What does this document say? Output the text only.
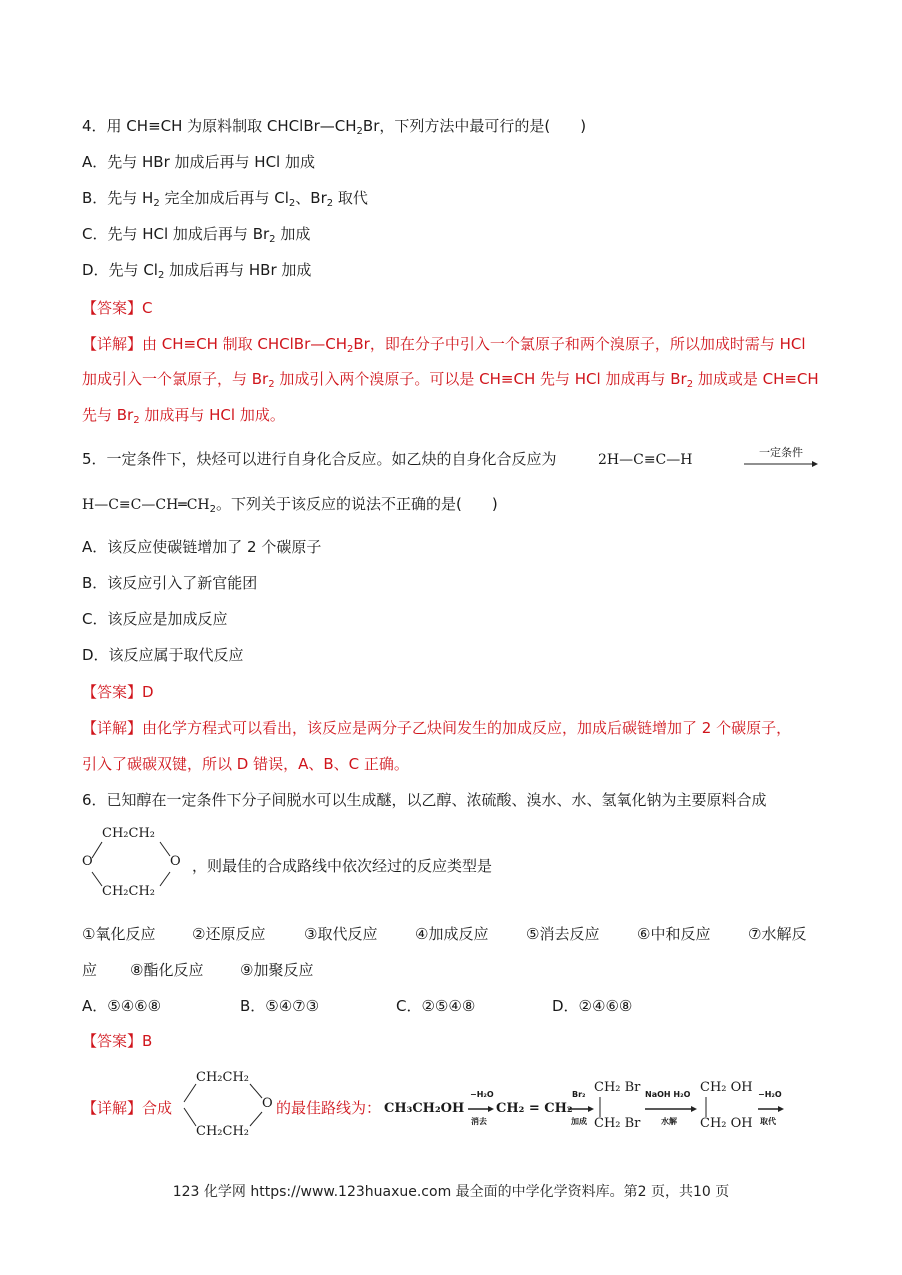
4．用 CH≡CH 为原料制取 $CHClBr—CH_2Br$，下列方法中最可行的是(　　)
A．先与 HBr 加成后再与 HCl 加成
B．先与 $H_2$ 完全加成后再与 $Cl_2$、$Br_2$ 取代
C．先与 HCl 加成后再与 $Br_2$ 加成
D．先与 $Cl_2$ 加成后再与 HBr 加成
【答案】C
【详解】由 CH≡CH 制取 $CHClBr—CH_2Br$，即在分子中引入一个氯原子和两个溴原子，所以加成时需与 HCl
加成引入一个氯原子，与 $Br_2$ 加成引入两个溴原子。可以是 CH≡CH 先与 HCl 加成再与 $Br_2$ 加成或是 CH≡CH
先与 $Br_2$ 加成再与 HCl 加成。
5．一定条件下，炔烃可以进行自身化合反应。如乙炔的自身化合反应为	2H—C≡C—H	一定条件
$H—C\equiv C—CH═CH_2$。下列关于该反应的说法不正确的是(　　)
A．该反应使碳链增加了 2 个碳原子
B．该反应引入了新官能团
C．该反应是加成反应
D．该反应属于取代反应
【答案】D
【详解】由化学方程式可以看出，该反应是两分子乙炔间发生的加成反应，加成后碳链增加了 2 个碳原子，
引入了碳碳双键，所以 D 错误，A、B、C 正确。
6．已知醇在一定条件下分子间脱水可以生成醚，以乙醇、浓硫酸、溴水、水、氢氧化钠为主要原料合成
CH₂CH₂
O	O
CH₂CH₂
，则最佳的合成路线中依次经过的反应类型是
①氧化反应 ②还原反应	③取代反应	④加成反应	⑤消去反应	⑥中和反应	⑦水解反
应 ⑧酯化反应 ⑨加聚反应
A．⑤④⑥⑧	B．⑤④⑦③	C．②⑤④⑧	D．②④⑥⑧
【答案】B
【详解】合成
CH₂CH₂
O
CH₂CH₂
的最佳路线为： CH₃CH₂OH
−H₂O
消去
CH₂ = CH₂
Br₂
加成
CH₂ Br
CH₂ Br
NaOH H₂O
水解
CH₂ OH
CH₂ OH
−H₂O
取代
123 化学网 https://www.123huaxue.com 最全面的中学化学资料库。第2 页，共10 页
